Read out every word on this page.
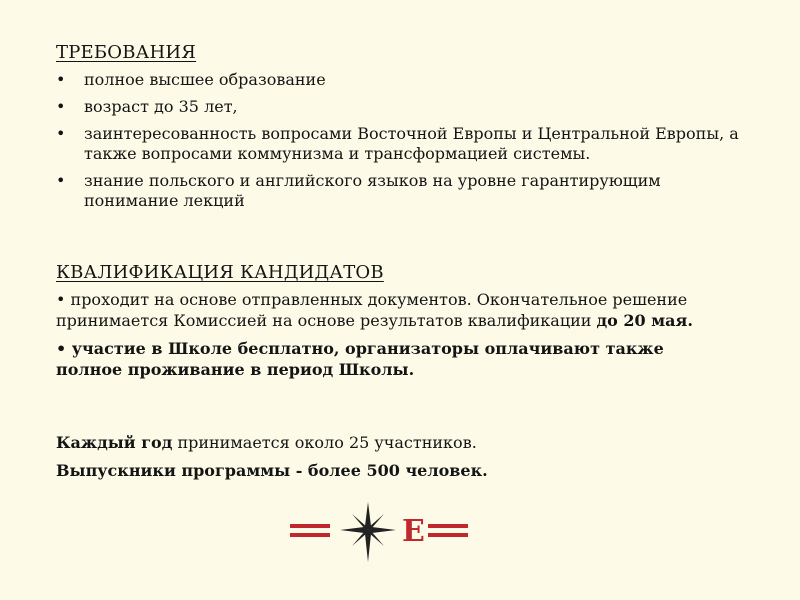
ТРЕБОВАНИЯ
•	полное высшее образование
•	возраст до 35 лет,
•	заинтересованность вопросами Восточной Европы и Центральной Европы, а также вопросами коммунизма и трансформацией системы.
•	знание польского и английского языков на уровне гарантирующим понимание лекций
КВАЛИФИКАЦИЯ КАНДИДАТОВ
• проходит на основе отправленных документов. Окончательное решение принимается Комиссией на основе результатов квалификации до 20 мая.
• участие в Школе бесплатно, организаторы оплачивают также полное проживание в период Школы.
Каждый год принимается около 25 участников.
Выпускники программы - более 500 человек.
E
